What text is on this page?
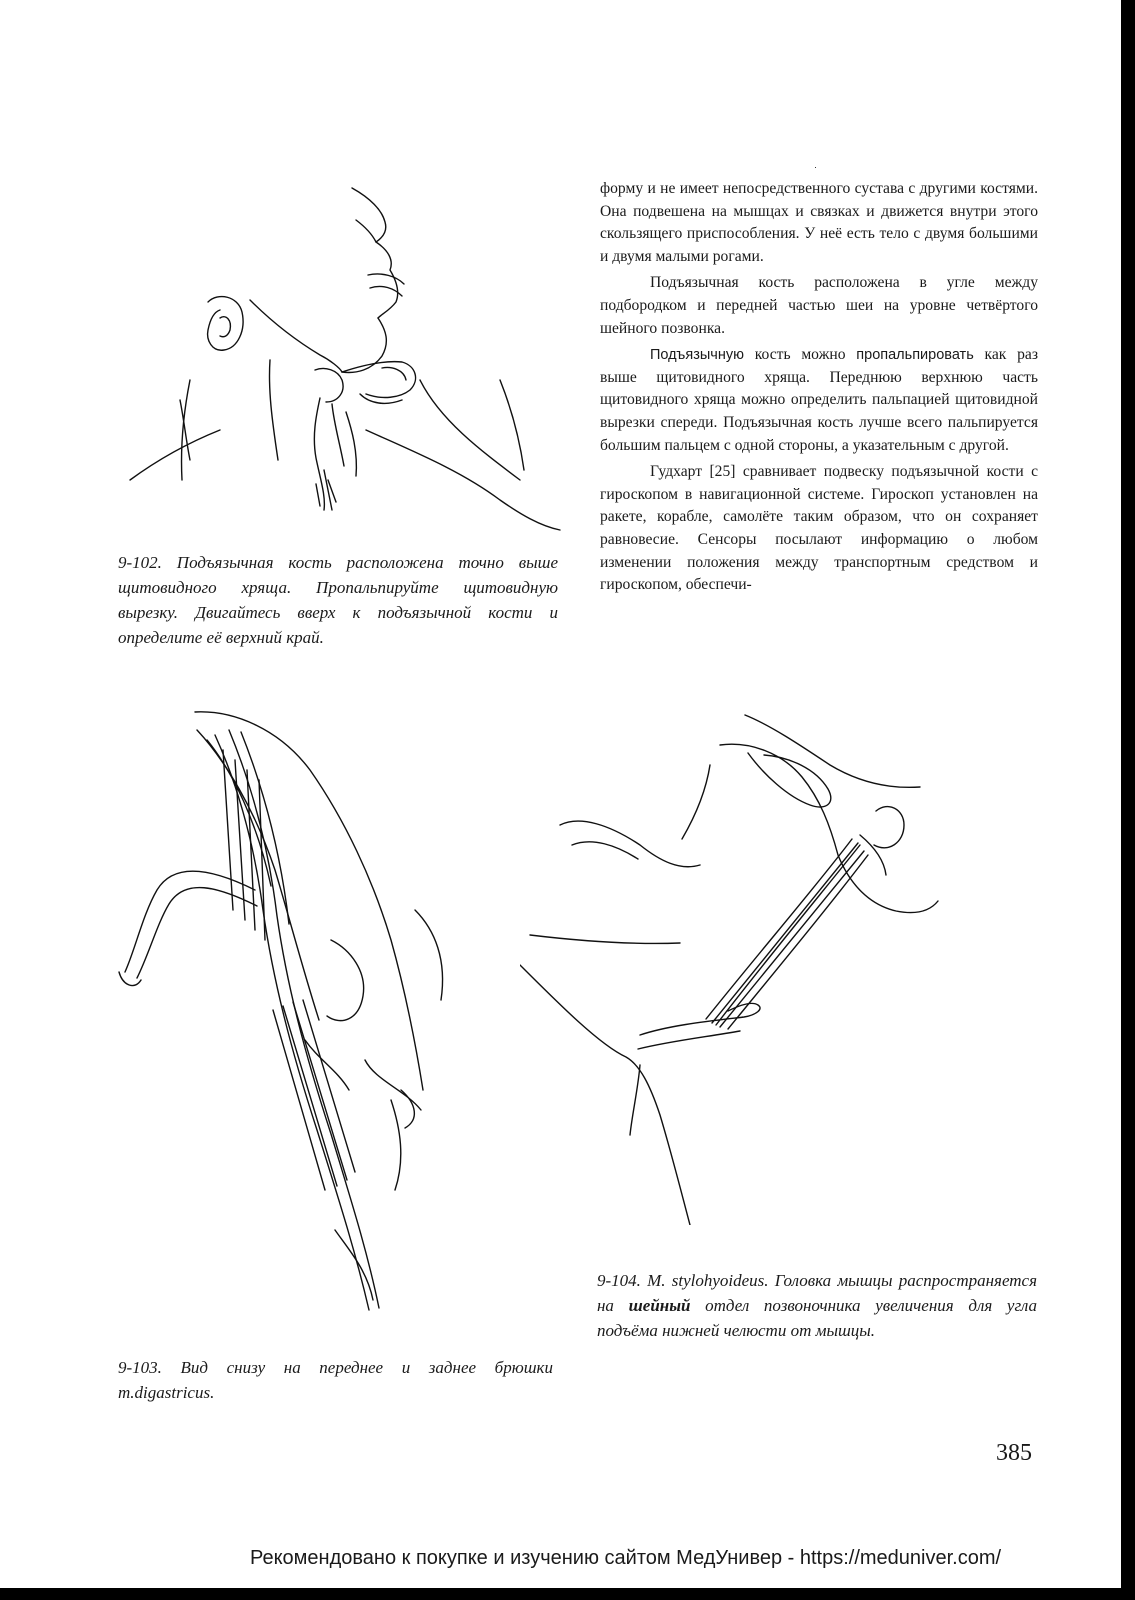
форму и не имеет непосредственного сустава с другими костями. Она подвешена на мышцах и связках и движется внутри этого скользящего приспособления. У неё есть тело с двумя большими и двумя малыми рогами.

Подъязычная кость расположена в угле между подбородком и передней частью шеи на уровне четвёртого шейного позвонка.

Подъязычную кость можно пропальпировать как раз выше щитовидного хряща. Переднюю верхнюю часть щитовидного хряща можно определить пальпацией щитовидной вырезки спереди. Подъязычная кость лучше всего пальпируется большим пальцем с одной стороны, а указательным с другой.

Гудхарт [25] сравнивает подвеску подъязычной кости с гироскопом в навигационной системе. Гироскоп установлен на ракете, корабле, самолёте таким образом, что он сохраняет равновесие. Сенсоры посылают информацию о любом изменении положения между транспортным средством и гироскопом, обеспечи-

9-102. Подъязычная кость расположена точно выше щитовидного хряща. Пропальпируйте щитовидную вырезку. Двигайтесь вверх к подъязычной кости и определите её верхний край.
9-103. Вид снизу на переднее и заднее брюшки m.digastricus.
9-104. M. stylohyoideus. Головка мышцы распространяется на шейный отдел позвоночника увеличения для угла подъёма нижней челюсти от мышцы.
385
Рекомендовано к покупке и изучению сайтом МедУнивер - https://meduniver.com/
